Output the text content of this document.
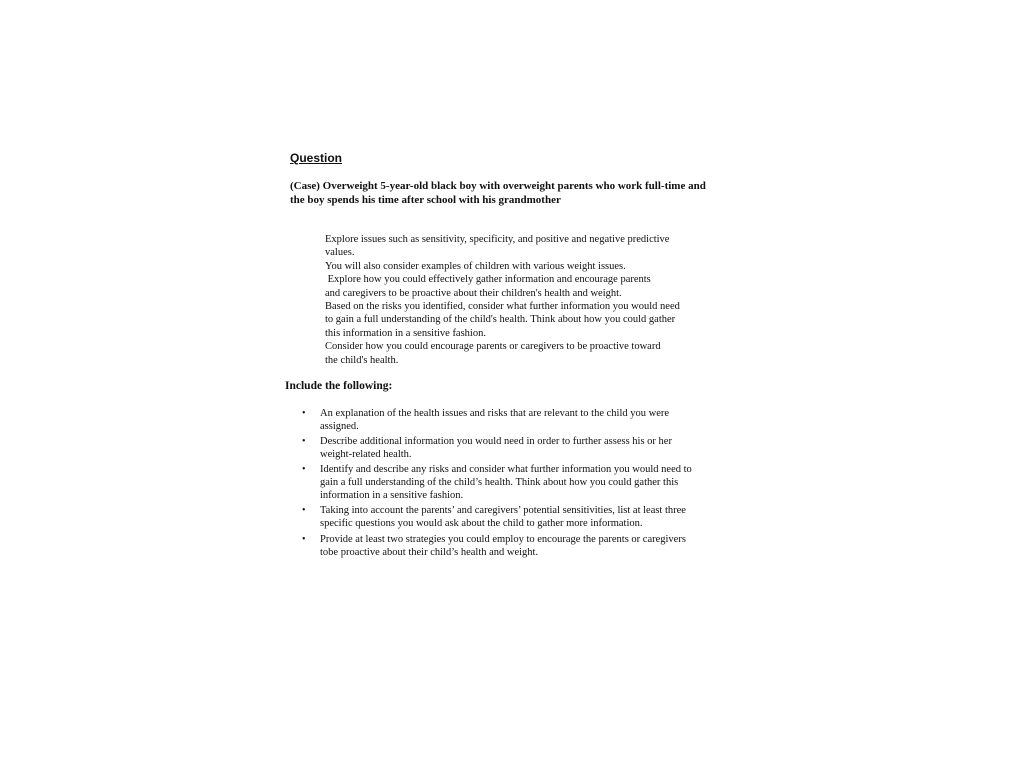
Question
(Case) Overweight 5-year-old black boy with overweight parents who work full-time and
the boy spends his time after school with his grandmother
Explore issues such as sensitivity, specificity, and positive and negative predictive
values.
You will also consider examples of children with various weight issues.
Explore how you could effectively gather information and encourage parents
and caregivers to be proactive about their children's health and weight.
Based on the risks you identified, consider what further information you would need
to gain a full understanding of the child's health. Think about how you could gather
this information in a sensitive fashion.
Consider how you could encourage parents or caregivers to be proactive toward
the child's health.
Include the following:
• An explanation of the health issues and risks that are relevant to the child you were
assigned.
• Describe additional information you would need in order to further assess his or her
weight-related health.
• Identify and describe any risks and consider what further information you would need to
gain a full understanding of the child’s health. Think about how you could gather this
information in a sensitive fashion.
• Taking into account the parents’ and caregivers’ potential sensitivities, list at least three
specific questions you would ask about the child to gather more information.
• Provide at least two strategies you could employ to encourage the parents or caregivers
tobe proactive about their child’s health and weight.
